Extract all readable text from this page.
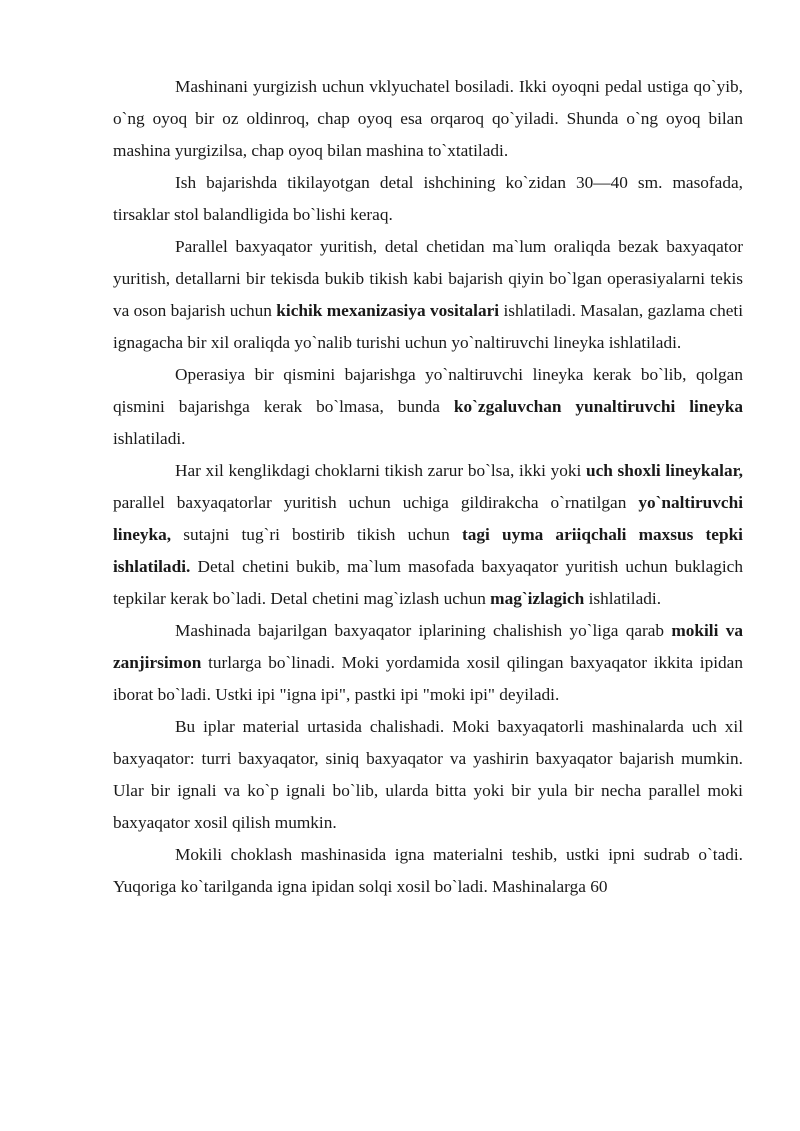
Mashinani yurgizish uchun vklyuchatel bosiladi. Ikki oyoqni pedal ustiga qo`yib, o`ng oyoq bir oz oldinroq, chap oyoq esa orqaroq qo`yiladi. Shunda o`ng oyoq bilan mashina yurgizilsa, chap oyoq bilan mashina to`xtatiladi.

Ish bajarishda tikilayotgan detal ishchining ko`zidan 30—40 sm. masofada, tirsaklar stol balandligida bo`lishi keraq.

Parallel baxyaqator yuritish, detal chetidan ma`lum oraliqda bezak baxyaqator yuritish, detallarni bir tekisda bukib tikish kabi bajarish qiyin bo`lgan operasiyalarni tekis va oson bajarish uchun kichik mexanizasiya vositalari ishlatiladi. Masalan, gazlama cheti ignagacha bir xil oraliqda yo`nalib turishi uchun yo`naltiruvchi lineyka ishlatiladi.

Operasiya bir qismini bajarishga yo`naltiruvchi lineyka kerak bo`lib, qolgan qismini bajarishga kerak bo`lmasa, bunda ko`zgaluvchan yunaltiruvchi lineyka ishlatiladi.

Har xil kenglikdagi choklarni tikish zarur bo`lsa, ikki yoki uch shoxli lineykalar, parallel baxyaqatorlar yuritish uchun uchiga gildirakcha o`rnatilgan yo`naltiruvchi lineyka, sutajni tug`ri bostirib tikish uchun tagi uyma ariiqchali maxsus tepki ishlatiladi. Detal chetini bukib, ma`lum masofada baxyaqator yuritish uchun buklagich tepkilar kerak bo`ladi. Detal chetini mag`izlash uchun mag`izlagich ishlatiladi.

Mashinada bajarilgan baxyaqator iplarining chalishish yo`liga qarab mokili va zanjirsimon turlarga bo`linadi. Moki yordamida xosil qilingan baxyaqator ikkita ipidan iborat bo`ladi. Ustki ipi "igna ipi", pastki ipi "moki ipi" deyiladi.

Bu iplar material urtasida chalishadi. Moki baxyaqatorli mashinalarda uch xil baxyaqator: turri baxyaqator, siniq baxyaqator va yashirin baxyaqator bajarish mumkin. Ular bir ignali va ko`p ignali bo`lib, ularda bitta yoki bir yula bir necha parallel moki baxyaqator xosil qilish mumkin.

Mokili choklash mashinasida igna materialni teshib, ustki ipni sudrab o`tadi. Yuqoriga ko`tarilganda igna ipidan solqi xosil bo`ladi. Mashinalarga 60
